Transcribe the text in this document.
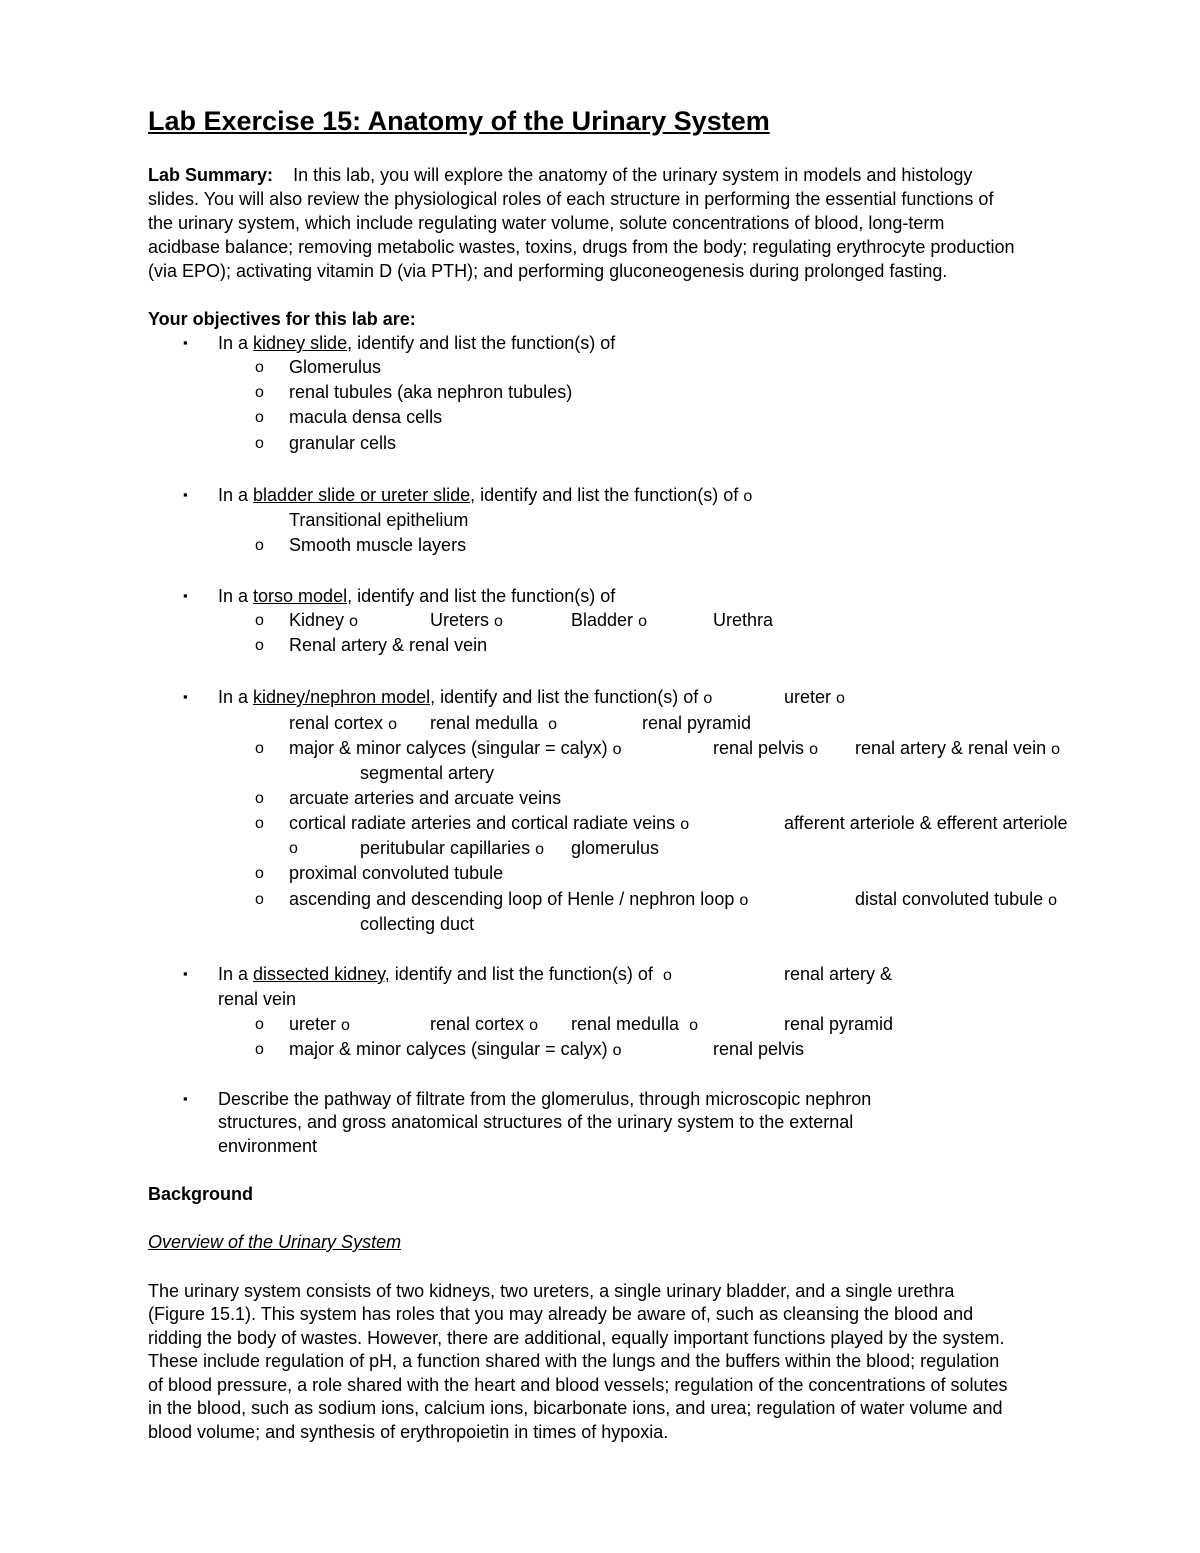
Lab Exercise 15: Anatomy of the Urinary System
Lab Summary: In this lab, you will explore the anatomy of the urinary system in models and histology
slides. You will also review the physiological roles of each structure in performing the essential functions of
the urinary system, which include regulating water volume, solute concentrations of blood, long-term
acidbase balance; removing metabolic wastes, toxins, drugs from the body; regulating erythrocyte production
(via EPO); activating vitamin D (via PTH); and performing gluconeogenesis during prolonged fasting.
Your objectives for this lab are:
▪ In a kidney slide, identify and list the function(s) of
o Glomerulus
o renal tubules (aka nephron tubules)
o macula densa cells
o granular cells
▪ In a bladder slide or ureter slide, identify and list the function(s) of o
Transitional epithelium
o Smooth muscle layers
▪ In a torso model, identify and list the function(s) of
o Kidney o	Ureters o	Bladder o	Urethra
o Renal artery & renal vein
▪ In a kidney/nephron model, identify and list the function(s) of o	ureter o
renal cortex o renal medulla o	renal pyramid
o major & minor calyces (singular = calyx) o	renal pelvis o renal artery & renal vein o
segmental artery
o arcuate arteries and arcuate veins
o cortical radiate arteries and cortical radiate veins o	afferent arteriole & efferent arteriole
o	peritubular capillaries o glomerulus
o proximal convoluted tubule
o ascending and descending loop of Henle / nephron loop o	distal convoluted tubule o
collecting duct
▪ In a dissected kidney, identify and list the function(s) of o	renal artery &
renal vein
o ureter o	renal cortex o renal medulla o	renal pyramid
o major & minor calyces (singular = calyx) o	renal pelvis
▪ Describe the pathway of filtrate from the glomerulus, through microscopic nephron
structures, and gross anatomical structures of the urinary system to the external
environment
Background
Overview of the Urinary System
The urinary system consists of two kidneys, two ureters, a single urinary bladder, and a single urethra
(Figure 15.1). This system has roles that you may already be aware of, such as cleansing the blood and
ridding the body of wastes. However, there are additional, equally important functions played by the system.
These include regulation of pH, a function shared with the lungs and the buffers within the blood; regulation
of blood pressure, a role shared with the heart and blood vessels; regulation of the concentrations of solutes
in the blood, such as sodium ions, calcium ions, bicarbonate ions, and urea; regulation of water volume and
blood volume; and synthesis of erythropoietin in times of hypoxia.
